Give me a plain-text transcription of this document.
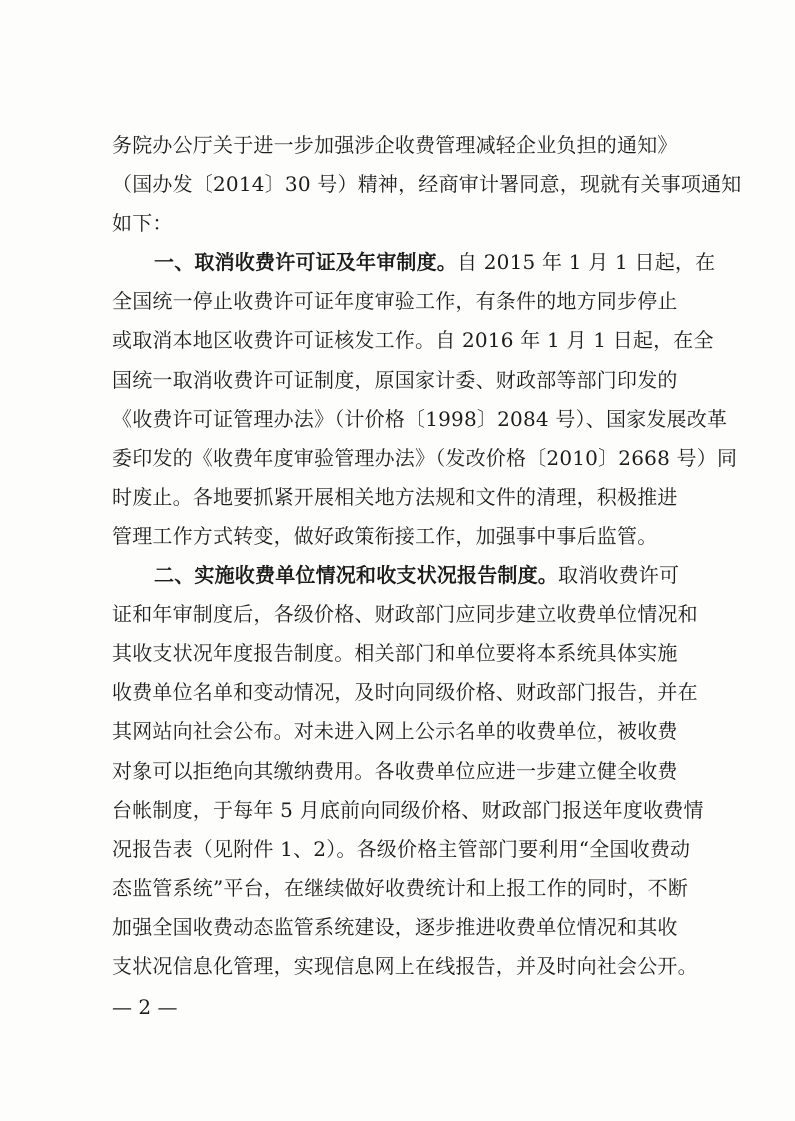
务院办公厅关于进一步加强涉企收费管理减轻企业负担的通知》
（国办发〔2014〕30 号）精神，经商审计署同意，现就有关事项通知
如下：
一、取消收费许可证及年审制度。自 2015 年 1 月 1 日起，在
全国统一停止收费许可证年度审验工作，有条件的地方同步停止
或取消本地区收费许可证核发工作。自 2016 年 1 月 1 日起，在全
国统一取消收费许可证制度，原国家计委、财政部等部门印发的
《收费许可证管理办法》（计价格〔1998〕2084 号）、国家发展改革
委印发的《收费年度审验管理办法》（发改价格〔2010〕2668 号）同
时废止。各地要抓紧开展相关地方法规和文件的清理，积极推进
管理工作方式转变，做好政策衔接工作，加强事中事后监管。
二、实施收费单位情况和收支状况报告制度。取消收费许可
证和年审制度后，各级价格、财政部门应同步建立收费单位情况和
其收支状况年度报告制度。相关部门和单位要将本系统具体实施
收费单位名单和变动情况，及时向同级价格、财政部门报告，并在
其网站向社会公布。对未进入网上公示名单的收费单位，被收费
对象可以拒绝向其缴纳费用。各收费单位应进一步建立健全收费
台帐制度，于每年 5 月底前向同级价格、财政部门报送年度收费情
况报告表（见附件 1、2）。各级价格主管部门要利用“全国收费动
态监管系统”平台，在继续做好收费统计和上报工作的同时，不断
加强全国收费动态监管系统建设，逐步推进收费单位情况和其收
支状况信息化管理，实现信息网上在线报告，并及时向社会公开。
— 2 —
